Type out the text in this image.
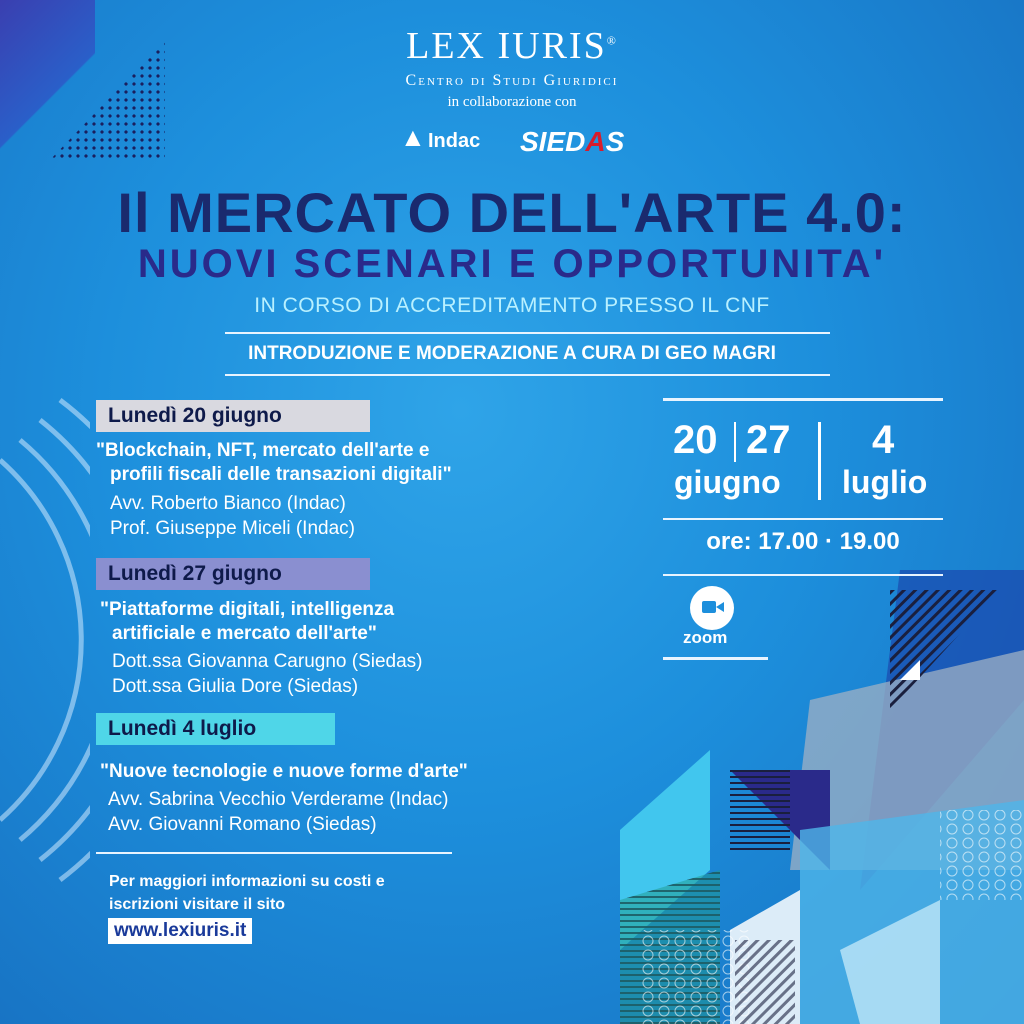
LEX IURIS®
Centro di Studi Giuridici
in collaborazione con
▲ Indac SIEDAS
Il MERCATO DELL'ARTE 4.0:
NUOVI SCENARI E OPPORTUNITA'
IN CORSO DI ACCREDITAMENTO PRESSO IL CNF
INTRODUZIONE E MODERAZIONE A CURA DI GEO MAGRI
Lunedì 20 giugno
"Blockchain, NFT, mercato dell'arte e
profili fiscali delle transazioni digitali"
Avv. Roberto Bianco (Indac)
Prof. Giuseppe Miceli (Indac)
Lunedì 27 giugno
"Piattaforme digitali, intelligenza
artificiale e mercato dell'arte"
Dott.ssa Giovanna Carugno (Siedas)
Dott.ssa Giulia Dore (Siedas)
Lunedì 4 luglio
"Nuove tecnologie e nuove forme d'arte"
Avv. Sabrina Vecchio Verderame (Indac)
Avv. Giovanni Romano (Siedas)
20 27
giugno
4
luglio
ore: 17.00 · 19.00
zoom
Per maggiori informazioni su costi e
iscrizioni visitare il sito
www.lexiuris.it
